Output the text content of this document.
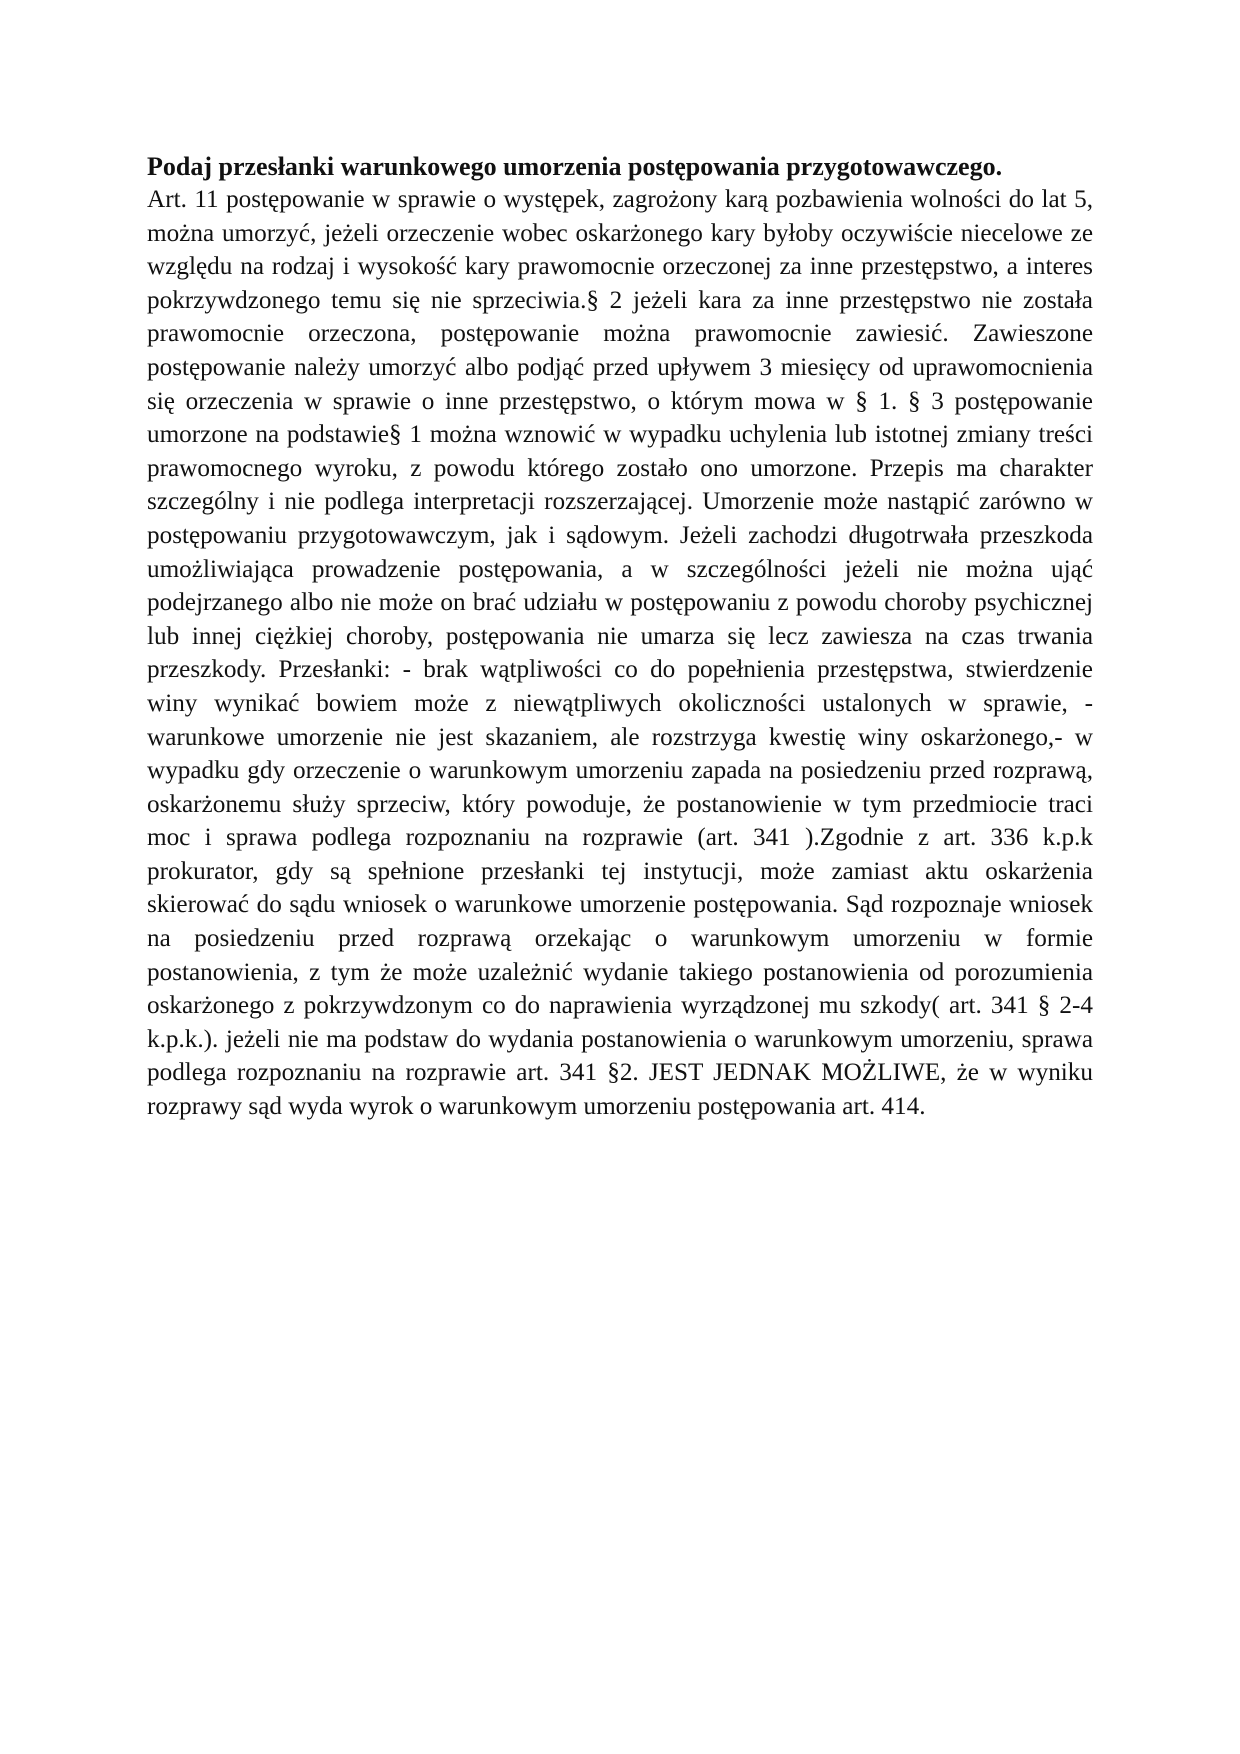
Podaj przesłanki warunkowego umorzenia postępowania przygotowawczego.

Art. 11 postępowanie w sprawie o występek, zagrożony karą pozbawienia wolności do lat 5, można umorzyć, jeżeli orzeczenie wobec oskarżonego kary byłoby oczywiście niecelowe ze względu na rodzaj i wysokość kary prawomocnie orzeczonej za inne przestępstwo, a interes pokrzywdzonego temu się nie sprzeciwia.§ 2 jeżeli kara za inne przestępstwo nie została prawomocnie orzeczona, postępowanie można prawomocnie zawiesić. Zawieszone postępowanie należy umorzyć albo podjąć przed upływem 3 miesięcy od uprawomocnienia się orzeczenia w sprawie o inne przestępstwo, o którym mowa w § 1. § 3 postępowanie umorzone na podstawie§ 1 można wznowić w wypadku uchylenia lub istotnej zmiany treści prawomocnego wyroku, z powodu którego zostało ono umorzone. Przepis ma charakter szczególny i nie podlega interpretacji rozszerzającej. Umorzenie może nastąpić zarówno w postępowaniu przygotowawczym, jak i sądowym. Jeżeli zachodzi długotrwała przeszkoda umożliwiająca prowadzenie postępowania, a w szczególności jeżeli nie można ująć podejrzanego albo nie może on brać udziału w postępowaniu z powodu choroby psychicznej lub innej ciężkiej choroby, postępowania nie umarza się lecz zawiesza na czas trwania przeszkody. Przesłanki: - brak wątpliwości co do popełnienia przestępstwa, stwierdzenie winy wynikać bowiem może z niewątpliwych okoliczności ustalonych w sprawie, - warunkowe umorzenie nie jest skazaniem, ale rozstrzyga kwestię winy oskarżonego,- w wypadku gdy orzeczenie o warunkowym umorzeniu zapada na posiedzeniu przed rozprawą, oskarżonemu służy sprzeciw, który powoduje, że postanowienie w tym przedmiocie traci moc i sprawa podlega rozpoznaniu na rozprawie (art. 341 ).Zgodnie z art. 336 k.p.k prokurator, gdy są spełnione przesłanki tej instytucji, może zamiast aktu oskarżenia skierować do sądu wniosek o warunkowe umorzenie postępowania. Sąd rozpoznaje wniosek na posiedzeniu przed rozprawą orzekając o warunkowym umorzeniu w formie postanowienia, z tym że może uzależnić wydanie takiego postanowienia od porozumienia oskarżonego z pokrzywdzonym co do naprawienia wyrządzonej mu szkody( art. 341 § 2-4 k.p.k.). jeżeli nie ma podstaw do wydania postanowienia o warunkowym umorzeniu, sprawa podlega rozpoznaniu na rozprawie art. 341 §2. JEST JEDNAK MOŻLIWE, że w wyniku rozprawy sąd wyda wyrok o warunkowym umorzeniu postępowania art. 414.
